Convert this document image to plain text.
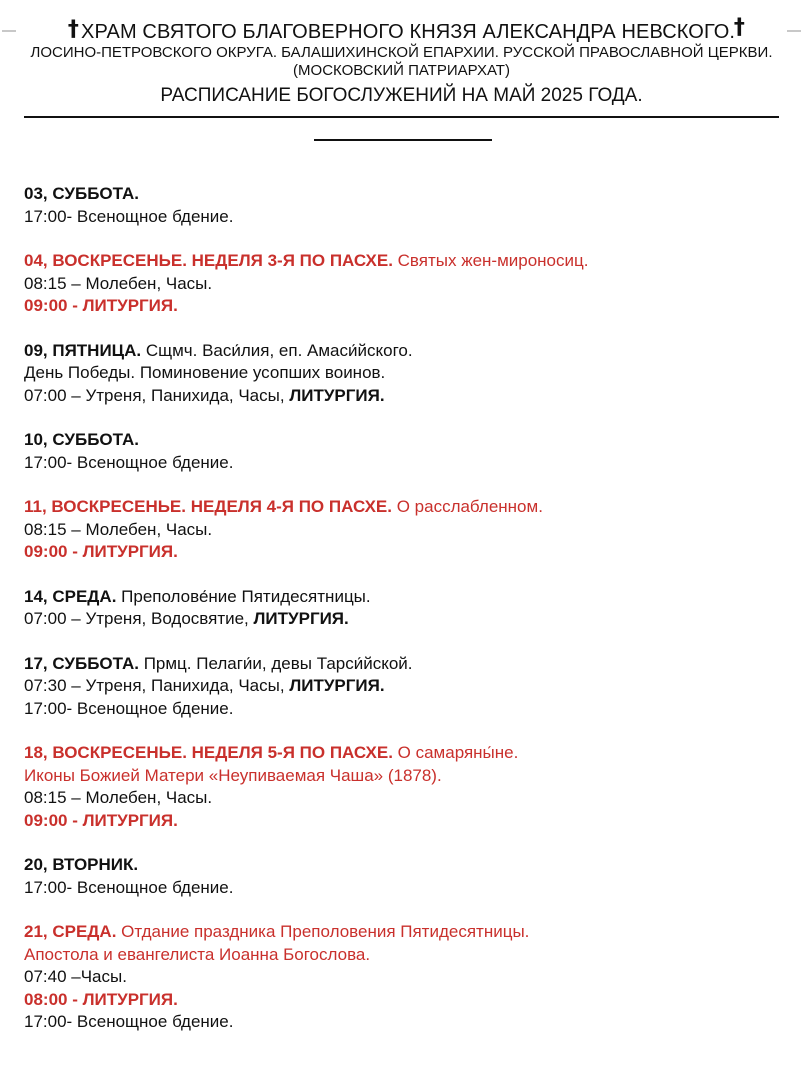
† ХРАМ СВЯТОГО БЛАГОВЕРНОГО КНЯЗЯ АЛЕКСАНДРА НЕВСКОГО.
†
ЛОСИНО-ПЕТРОВСКОГО ОКРУГА. БАЛАШИХИНСКОЙ ЕПАРХИИ. РУССКОЙ ПРАВОСЛАВНОЙ ЦЕРКВИ.
(МОСКОВСКИЙ ПАТРИАРХАТ)
РАСПИСАНИЕ БОГОСЛУЖЕНИЙ НА МАЙ 2025 ГОДА.
03, СУББОТА.
17:00- Всенощное бдение.
04, ВОСКРЕСЕНЬЕ. НЕДЕЛЯ 3-Я ПО ПАСХЕ. Святых жен-мироносиц.
08:15 – Молебен, Часы.
09:00 - ЛИТУРГИЯ.
09, ПЯТНИЦА. Сщмч. Васи́лия, еп. Амаси́йского.
День Победы. Поминовение усопших воинов.
07:00 – Утреня, Панихида, Часы, ЛИТУРГИЯ.
10, СУББОТА.
17:00- Всенощное бдение.
11, ВОСКРЕСЕНЬЕ. НЕДЕЛЯ 4-Я ПО ПАСХЕ. О расслабленном.
08:15 – Молебен, Часы.
09:00 - ЛИТУРГИЯ.
14, СРЕДА. Преполове́ние Пятидесятницы.
07:00 – Утреня, Водосвятие, ЛИТУРГИЯ.
17, СУББОТА. Прмц. Пелаги́и, девы Тарси́йской.
07:30 – Утреня, Панихида, Часы, ЛИТУРГИЯ.
17:00- Всенощное бдение.
18, ВОСКРЕСЕНЬЕ. НЕДЕЛЯ 5-Я ПО ПАСХЕ. О самаряны́не.
Иконы Божией Матери «Неупиваемая Чаша» (1878).
08:15 – Молебен, Часы.
09:00 - ЛИТУРГИЯ.
20, ВТОРНИК.
17:00- Всенощное бдение.
21, СРЕДА. Отдание праздника Преполовения Пятидесятницы.
Апостола и евангелиста Иоанна Богослова.
07:40 –Часы.
08:00 - ЛИТУРГИЯ.
17:00- Всенощное бдение.
